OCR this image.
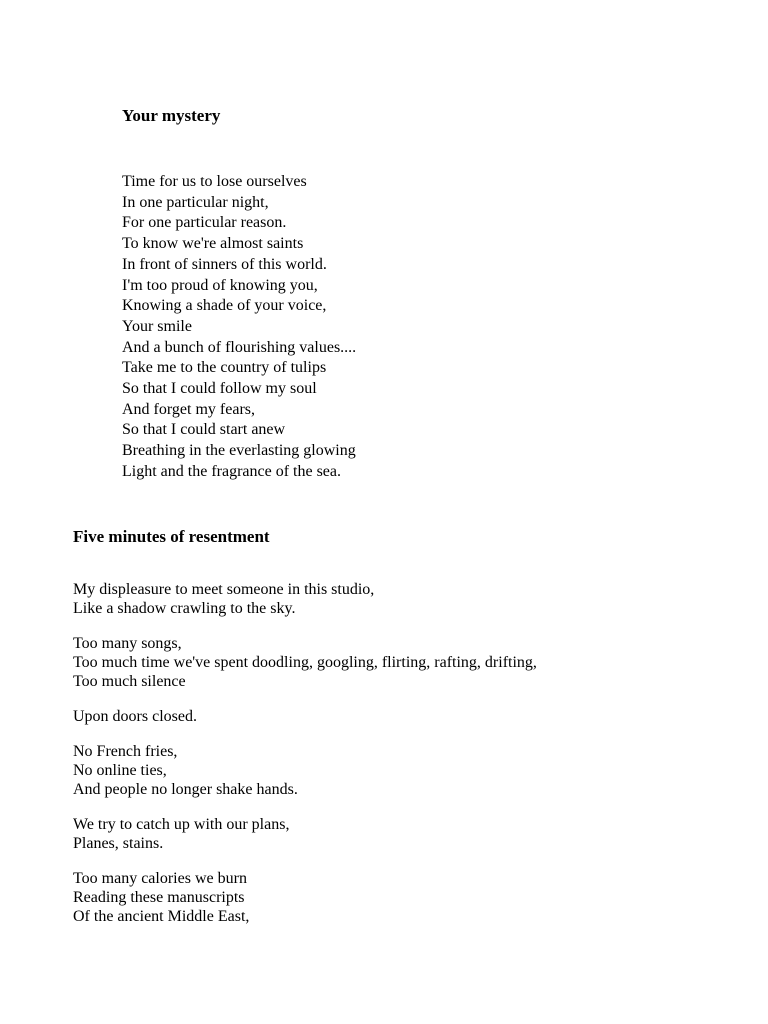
Your mystery
Time for us to lose ourselves
In one particular night,
For one particular reason.
To know we're almost saints
In front of sinners of this world.
I'm too proud of knowing you,
Knowing a shade of your voice,
Your smile
And a bunch of flourishing values....
Take me to the country of tulips
So that I could follow my soul
And forget my fears,
So that I could start anew
Breathing in the everlasting glowing
Light and the fragrance of the sea.
Five minutes of resentment
My displeasure to meet someone in this studio,
Like a shadow crawling to the sky.
Too many songs,
Too much time we've spent doodling, googling, flirting, rafting, drifting,
Too much silence
Upon doors closed.
No French fries,
No online ties,
And people no longer shake hands.
We try to catch up with our plans,
Planes, stains.
Too many calories we burn
Reading these manuscripts
Of the ancient Middle East,
